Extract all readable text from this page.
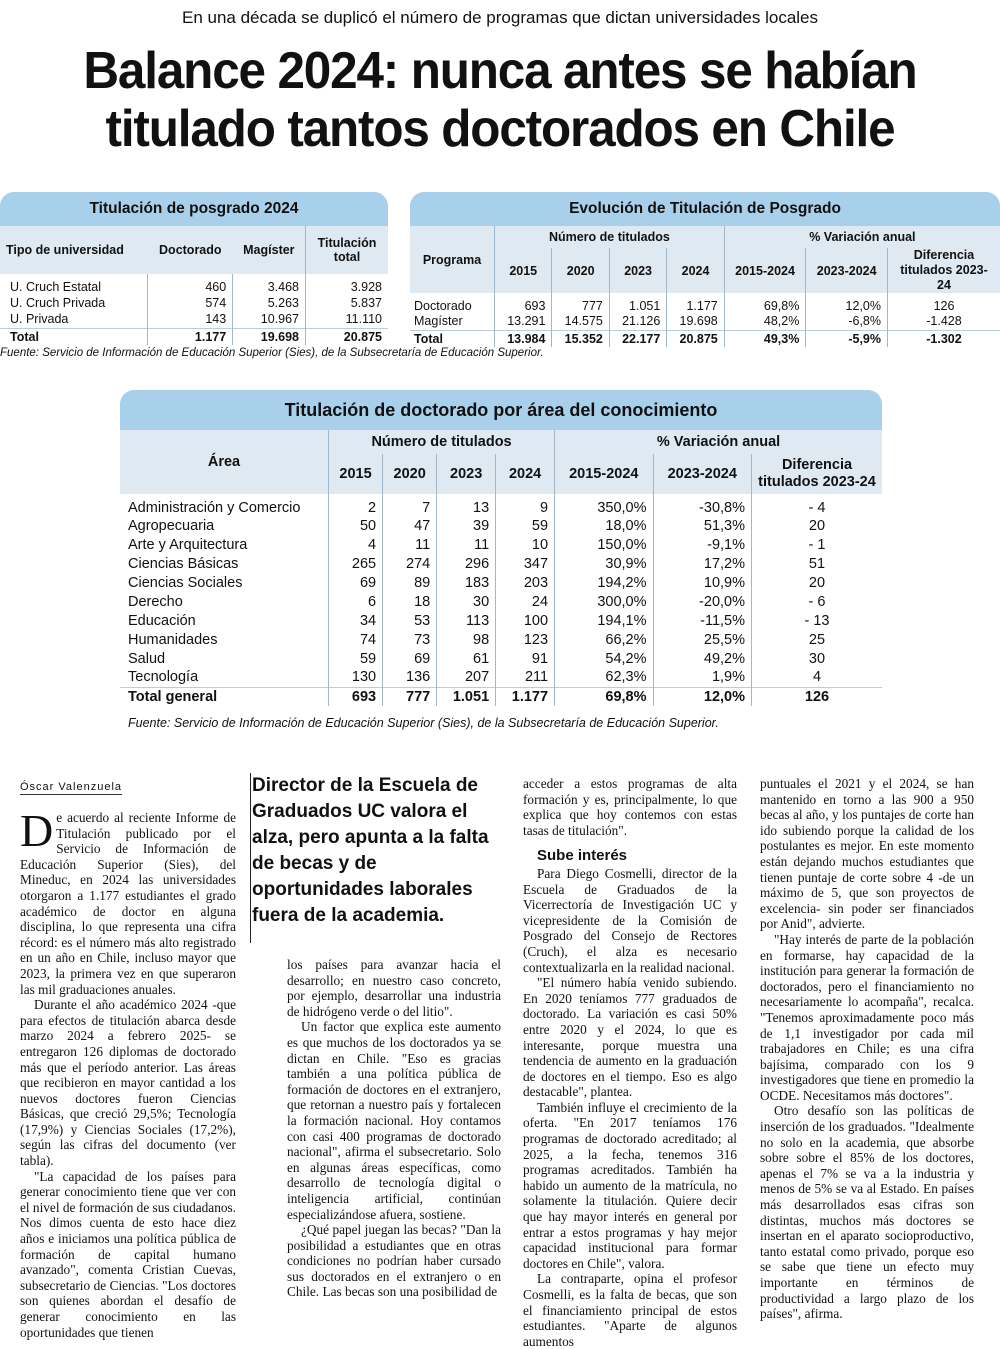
En una década se duplicó el número de programas que dictan universidades locales
Balance 2024: nunca antes se habían
titulado tantos doctorados en Chile
Titulación de posgrado 2024
Tipo de universidad	Doctorado	Magíster	Titulación total
U. Cruch Estatal	460	3.468	3.928
U. Cruch Privada	574	5.263	5.837
U. Privada	143	10.967	11.110
Total	1.177	19.698	20.875
Evolución de Titulación de Posgrado
Programa	Número de titulados				% Variación anual		
	2015	2020	2023	2024	2015-2024	2023-2024	Diferencia titulados 2023-24
Doctorado	693	777	1.051	1.177	69,8%	12,0%	126
Magíster	13.291	14.575	21.126	19.698	48,2%	-6,8%	-1.428
Total	13.984	15.352	22.177	20.875	49,3%	-5,9%	-1.302
Fuente: Servicio de Información de Educación Superior (Sies), de la Subsecretaría de Educación Superior.
Titulación de doctorado por área del conocimiento
Área	Número de titulados				% Variación anual		
	2015	2020	2023	2024	2015-2024	2023-2024	Diferencia titulados 2023-24
Administración y Comercio	2	7	13	9	350,0%	-30,8%	- 4
Agropecuaria	50	47	39	59	18,0%	51,3%	20
Arte y Arquitectura	4	11	11	10	150,0%	-9,1%	- 1
Ciencias Básicas	265	274	296	347	30,9%	17,2%	51
Ciencias Sociales	69	89	183	203	194,2%	10,9%	20
Derecho	6	18	30	24	300,0%	-20,0%	- 6
Educación	34	53	113	100	194,1%	-11,5%	- 13
Humanidades	74	73	98	123	66,2%	25,5%	25
Salud	59	69	61	91	54,2%	49,2%	30
Tecnología	130	136	207	211	62,3%	1,9%	4
Total general	693	777	1.051	1.177	69,8%	12,0%	126
Fuente: Servicio de Información de Educación Superior (Sies), de la Subsecretaría de Educación Superior.
Óscar Valenzuela
D e acuerdo al reciente Informe de Titulación publicado por el Servicio de Información de Educación Superior (Sies), del Mineduc, en 2024 las universidades otorgaron a 1.177 estudiantes el grado académico de doctor en alguna disciplina, lo que representa una cifra récord: es el número más alto registrado en un año en Chile, incluso mayor que 2023, la primera vez en que superaron las mil graduaciones anuales.

Durante el año académico 2024 -que para efectos de titulación abarca desde marzo 2024 a febrero 2025- se entregaron 126 diplomas de doctorado más que el período anterior. Las áreas que recibieron en mayor cantidad a los nuevos doctores fueron Ciencias Básicas, que creció 29,5%; Tecnología (17,9%) y Ciencias Sociales (17,2%), según las cifras del documento (ver tabla).

"La capacidad de los países para generar conocimiento tiene que ver con el nivel de formación de sus ciudadanos. Nos dimos cuenta de esto hace diez años e iniciamos una política pública de formación de capital humano avanzado", comenta Cristian Cuevas, subsecretario de Ciencias. "Los doctores son quienes abordan el desafío de generar conocimiento en las oportunidades que tienen

Director de la Escuela de Graduados UC valora el alza, pero apunta a la falta de becas y de oportunidades laborales fuera de la academia.
los países para avanzar hacia el desarrollo; en nuestro caso concreto, por ejemplo, desarrollar una industria de hidrógeno verde o del litio".

Un factor que explica este aumento es que muchos de los doctorados ya se dictan en Chile. "Eso es gracias también a una política pública de formación de doctores en el extranjero, que retornan a nuestro país y fortalecen la formación nacional. Hoy contamos con casi 400 programas de doctorado nacional", afirma el subsecretario. Solo en algunas áreas específicas, como desarrollo de tecnología digital o inteligencia artificial, continúan especializándose afuera, sostiene.

¿Qué papel juegan las becas? "Dan la posibilidad a estudiantes que en otras condiciones no podrían haber cursado sus doctorados en el extranjero o en Chile. Las becas son una posibilidad de

acceder a estos programas de alta formación y es, principalmente, lo que explica que hoy contemos con estas tasas de titulación".
Sube interés

Para Diego Cosmelli, director de la Escuela de Graduados de la Vicerrectoría de Investigación UC y vicepresidente de la Comisión de Posgrado del Consejo de Rectores (Cruch), el alza es necesario contextualizarla en la realidad nacional.

"El número había venido subiendo. En 2020 teníamos 777 graduados de doctorado. La variación es casi 50% entre 2020 y el 2024, lo que es interesante, porque muestra una tendencia de aumento en la graduación de doctores en el tiempo. Eso es algo destacable", plantea.

También influye el crecimiento de la oferta. "En 2017 teníamos 176 programas de doctorado acreditado; al 2025, a la fecha, tenemos 316 programas acreditados. También ha habido un aumento de la matrícula, no solamente la titulación. Quiere decir que hay mayor interés en general por entrar a estos programas y hay mejor capacidad institucional para formar doctores en Chile", valora.

La contraparte, opina el profesor Cosmelli, es la falta de becas, que son el financiamiento principal de estos estudiantes. "Aparte de algunos aumentos

puntuales el 2021 y el 2024, se han mantenido en torno a las 900 a 950 becas al año, y los puntajes de corte han ido subiendo porque la calidad de los postulantes es mejor. En este momento están dejando muchos estudiantes que tienen puntaje de corte sobre 4 -de un máximo de 5, que son proyectos de excelencia- sin poder ser financiados por Anid", advierte.

"Hay interés de parte de la población en formarse, hay capacidad de la institución para generar la formación de doctorados, pero el financiamiento no necesariamente lo acompaña", recalca. "Tenemos aproximadamente poco más de 1,1 investigador por cada mil trabajadores en Chile; es una cifra bajísima, comparado con los 9 investigadores que tiene en promedio la OCDE. Necesitamos más doctores".

Otro desafío son las políticas de inserción de los graduados. "Idealmente no solo en la academia, que absorbe sobre sobre el 85% de los doctores, apenas el 7% se va a la industria y menos de 5% se va al Estado. En países más desarrollados esas cifras son distintas, muchos más doctores se insertan en el aparato socioproductivo, tanto estatal como privado, porque eso se sabe que tiene un efecto muy importante en términos de productividad a largo plazo de los países", afirma.
